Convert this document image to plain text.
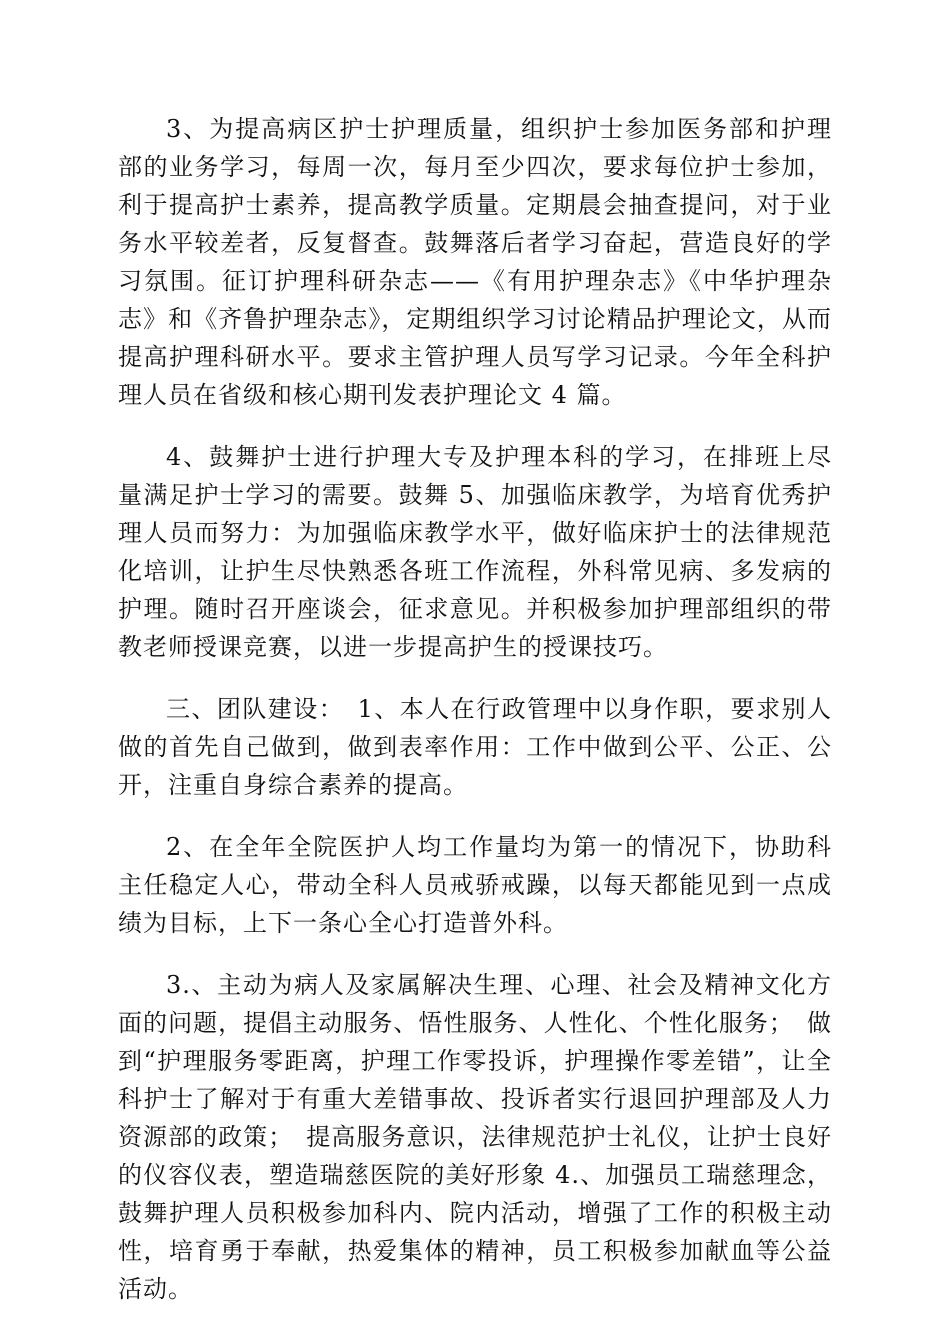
3、为提高病区护士护理质量，组织护士参加医务部和护理部的业务学习，每周一次，每月至少四次，要求每位护士参加，利于提高护士素养，提高教学质量。定期晨会抽查提问，对于业务水平较差者，反复督查。鼓舞落后者学习奋起，营造良好的学习氛围。征订护理科研杂志——《有用护理杂志》《中华护理杂志》和《齐鲁护理杂志》，定期组织学习讨论精品护理论文，从而提高护理科研水平。要求主管护理人员写学习记录。今年全科护理人员在省级和核心期刊发表护理论文 4 篇。

4、鼓舞护士进行护理大专及护理本科的学习，在排班上尽量满足护士学习的需要。鼓舞 5、加强临床教学，为培育优秀护理人员而努力：为加强临床教学水平，做好临床护士的法律规范化培训，让护生尽快熟悉各班工作流程，外科常见病、多发病的护理。随时召开座谈会，征求意见。并积极参加护理部组织的带教老师授课竞赛，以进一步提高护生的授课技巧。

三、团队建设：　1、本人在行政管理中以身作职，要求别人做的首先自己做到，做到表率作用：工作中做到公平、公正、公开，注重自身综合素养的提高。

2、在全年全院医护人均工作量均为第一的情况下，协助科主任稳定人心，带动全科人员戒骄戒躁，以每天都能见到一点成绩为目标，上下一条心全心打造普外科。

3.、主动为病人及家属解决生理、心理、社会及精神文化方面的问题，提倡主动服务、悟性服务、人性化、个性化服务；　做到“护理服务零距离，护理工作零投诉，护理操作零差错”，让全科护士了解对于有重大差错事故、投诉者实行退回护理部及人力资源部的政策；　提高服务意识，法律规范护士礼仪，让护士良好的仪容仪表，塑造瑞慈医院的美好形象 4.、加强员工瑞慈理念，鼓舞护理人员积极参加科内、院内活动，增强了工作的积极主动性，培育勇于奉献，热爱集体的精神，员工积极参加献血等公益活动。
